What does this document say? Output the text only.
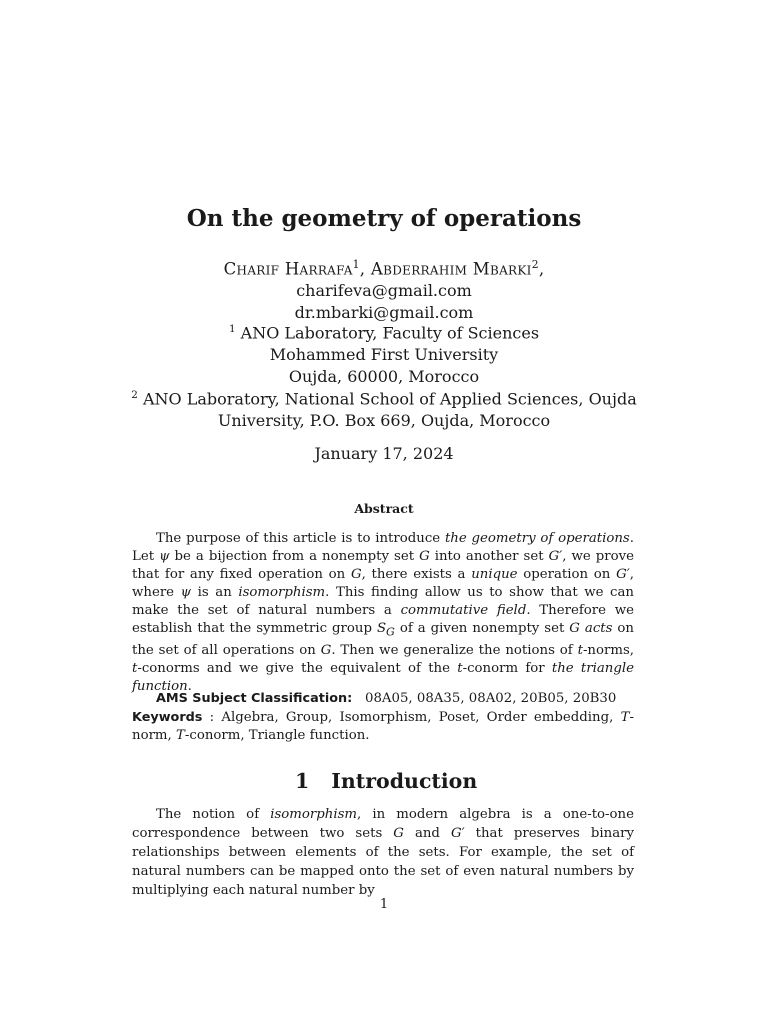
On the geometry of operations
Charif Harrafa$^1$, Abderrahim Mbarki$^2$,
charifeva@gmail.com
dr.mbarki@gmail.com
$^1$ ANO Laboratory, Faculty of Sciences
Mohammed First University
Oujda, 60000, Morocco
$^2$ ANO Laboratory, National School of Applied Sciences, Oujda
University, P.O. Box 669, Oujda, Morocco
January 17, 2024
Abstract
The purpose of this article is to introduce the geometry of operations. Let ψ be a bijection from a nonempty set G into another set G′, we prove that for any fixed operation on G, there exists a unique operation on G′, where ψ is an isomorphism. This finding allow us to show that we can make the set of natural numbers a commutative field. Therefore we establish that the symmetric group $S_G$ of a given nonempty set G acts on the set of all operations on G. Then we generalize the notions of t-norms, t-conorms and we give the equivalent of the t-conorm for the triangle function.
AMS Subject Classification: 08A05, 08A35, 08A02, 20B05, 20B30
Keywords : Algebra, Group, Isomorphism, Poset, Order embedding, T-norm, T-conorm, Triangle function.
1 Introduction
The notion of isomorphism, in modern algebra is a one-to-one correspondence between two sets G and G′ that preserves binary relationships between elements of the sets. For example, the set of natural numbers can be mapped onto the set of even natural numbers by multiplying each natural number by
1
